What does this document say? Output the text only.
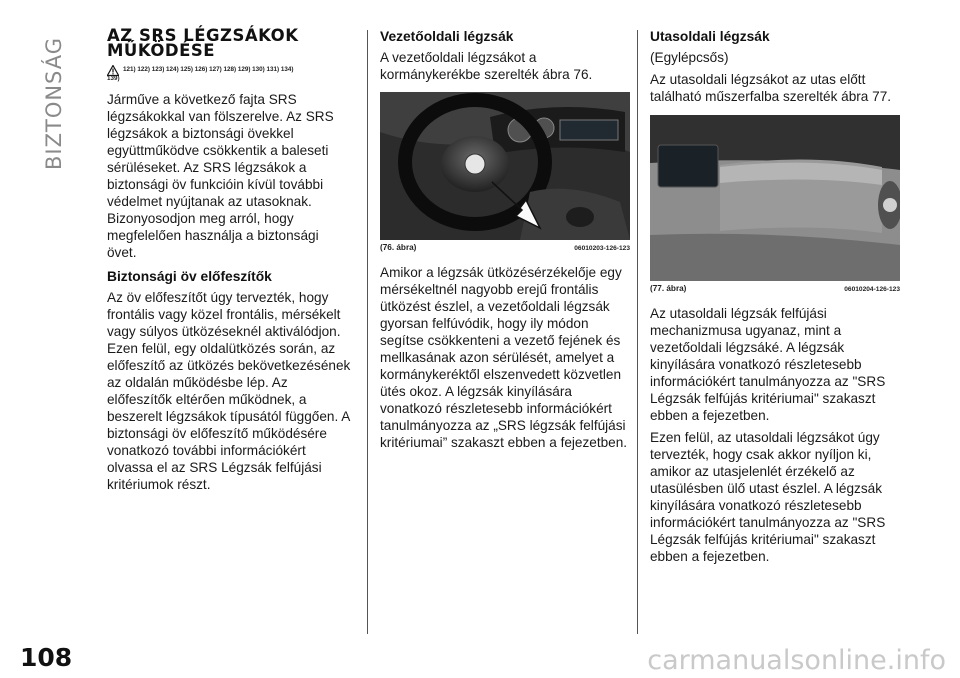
BIZTONSÁG
108	carmanualsonline.info
AZ SRS LÉGZSÁKOK
MŰKÖDÉSE
121) 122) 123) 124) 125) 126) 127) 128) 129) 130) 131) 134)
139)

Járműve a következő fajta SRS légzsákokkal van fölszerelve. Az SRS légzsákok a biztonsági övekkel együttműködve csökkentik a baleseti sérüléseket. Az SRS légzsákok a biztonsági öv funkcióin kívül további védelmet nyújtanak az utasoknak. Bizonyosodjon meg arról, hogy megfelelően használja a biztonsági övet.

Biztonsági öv előfeszítők

Az öv előfeszítőt úgy tervezték, hogy frontális vagy közel frontális, mérsékelt vagy súlyos ütközéseknél aktiválódjon. Ezen felül, egy oldalütközés során, az előfeszítő az ütközés bekövetkezésének az oldalán működésbe lép. Az előfeszítők eltérően működnek, a beszerelt légzsákok típusától függően. A biztonsági öv előfeszítő működésére vonatkozó további információkért olvassa el az SRS Légzsák felfújási kritériumok részt.

Vezetőoldali légzsák

A vezetőoldali légzsákot a kormánykerékbe szerelték ábra 76.

(76. ábra)	06010203-126-123

Amikor a légzsák ütközésérzékelője egy mérsékeltnél nagyobb erejű frontális ütközést észlel, a vezetőoldali légzsák gyorsan felfúvódik, hogy ily módon segítse csökkenteni a vezető fejének és mellkasának azon sérülését, amelyet a kormánykeréktől elszenvedett közvetlen ütés okoz. A légzsák kinyílására vonatkozó részletesebb információkért tanulmányozza az „SRS légzsák felfújási kritériumai” szakaszt ebben a fejezetben.

Utasoldali légzsák
(Egylépcsős)

Az utasoldali légzsákot az utas előtt található műszerfalba szerelték ábra 77.

(77. ábra)	06010204-126-123

Az utasoldali légzsák felfújási mechanizmusa ugyanaz, mint a vezetőoldali légzsáké. A légzsák kinyílására vonatkozó részletesebb információkért tanulmányozza az "SRS Légzsák felfújás kritériumai" szakaszt ebben a fejezetben.

Ezen felül, az utasoldali légzsákot úgy tervezték, hogy csak akkor nyíljon ki, amikor az utasjelenlét érzékelő az utasülésben ülő utast észlel. A légzsák kinyílására vonatkozó részletesebb információkért tanulmányozza az "SRS Légzsák felfújás kritériumai" szakaszt ebben a fejezetben.
